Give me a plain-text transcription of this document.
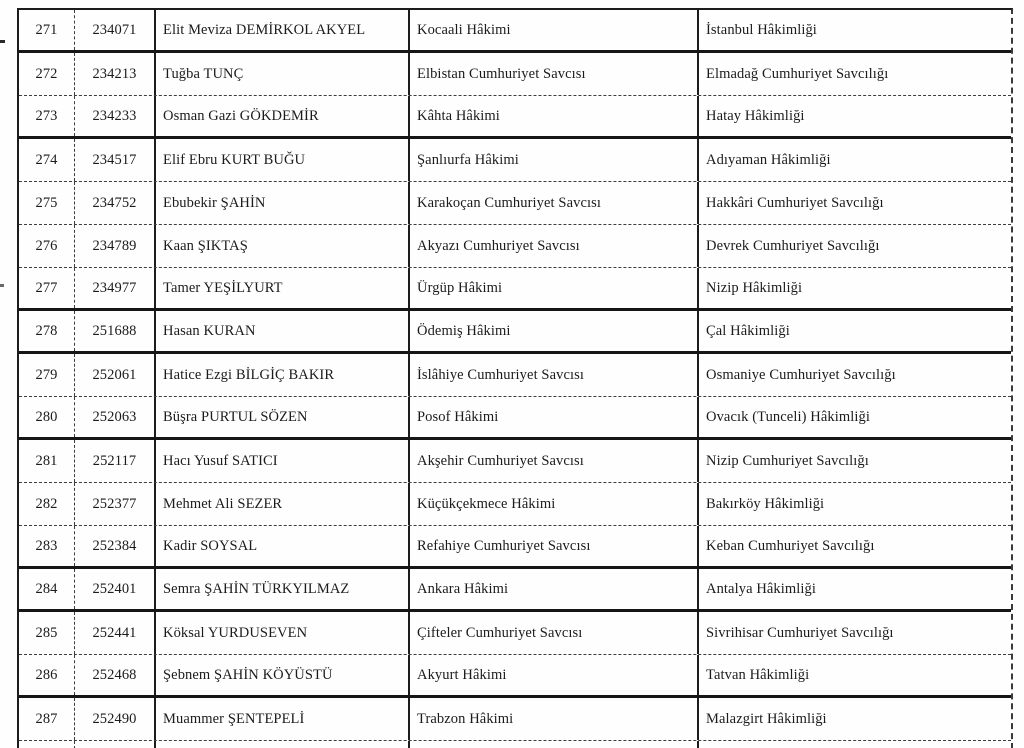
271	234071	Elit Meviza DEMİRKOL AKYEL	Kocaali Hâkimi	İstanbul Hâkimliği
272	234213	Tuğba TUNÇ	Elbistan Cumhuriyet Savcısı	Elmadağ Cumhuriyet Savcılığı
273	234233	Osman Gazi GÖKDEMİR	Kâhta Hâkimi	Hatay Hâkimliği
274	234517	Elif Ebru KURT BUĞU	Şanlıurfa Hâkimi	Adıyaman Hâkimliği
275	234752	Ebubekir ŞAHİN	Karakoçan Cumhuriyet Savcısı	Hakkâri Cumhuriyet Savcılığı
276	234789	Kaan ŞIKTAŞ	Akyazı Cumhuriyet Savcısı	Devrek Cumhuriyet Savcılığı
277	234977	Tamer YEŞİLYURT	Ürgüp Hâkimi	Nizip Hâkimliği
278	251688	Hasan KURAN	Ödemiş Hâkimi	Çal Hâkimliği
279	252061	Hatice Ezgi BİLGİÇ BAKIR	İslâhiye Cumhuriyet Savcısı	Osmaniye Cumhuriyet Savcılığı
280	252063	Büşra PURTUL SÖZEN	Posof Hâkimi	Ovacık (Tunceli) Hâkimliği
281	252117	Hacı Yusuf SATICI	Akşehir Cumhuriyet Savcısı	Nizip Cumhuriyet Savcılığı
282	252377	Mehmet Ali SEZER	Küçükçekmece Hâkimi	Bakırköy Hâkimliği
283	252384	Kadir SOYSAL	Refahiye Cumhuriyet Savcısı	Keban Cumhuriyet Savcılığı
284	252401	Semra ŞAHİN TÜRKYILMAZ	Ankara Hâkimi	Antalya Hâkimliği
285	252441	Köksal YURDUSEVEN	Çifteler Cumhuriyet Savcısı	Sivrihisar Cumhuriyet Savcılığı
286	252468	Şebnem ŞAHİN KÖYÜSTÜ	Akyurt Hâkimi	Tatvan Hâkimliği
287	252490	Muammer ŞENTEPELİ	Trabzon Hâkimi	Malazgirt Hâkimliği
